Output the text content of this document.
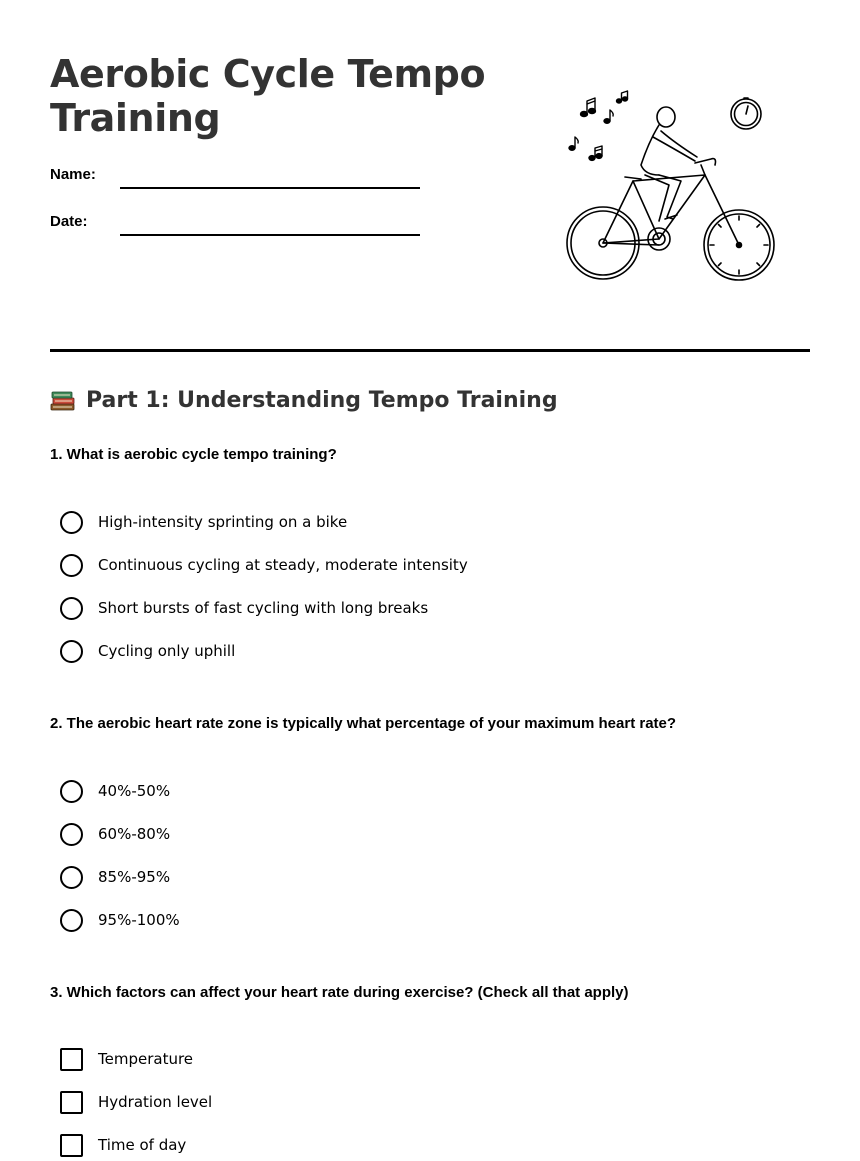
Aerobic Cycle Tempo Training
Name:
Date:
Part 1: Understanding Tempo Training
1. What is aerobic cycle tempo training?
High-intensity sprinting on a bike
Continuous cycling at steady, moderate intensity
Short bursts of fast cycling with long breaks
Cycling only uphill
2. The aerobic heart rate zone is typically what percentage of your maximum heart rate?
40%-50%
60%-80%
85%-95%
95%-100%
3. Which factors can affect your heart rate during exercise? (Check all that apply)
Temperature
Hydration level
Time of day
